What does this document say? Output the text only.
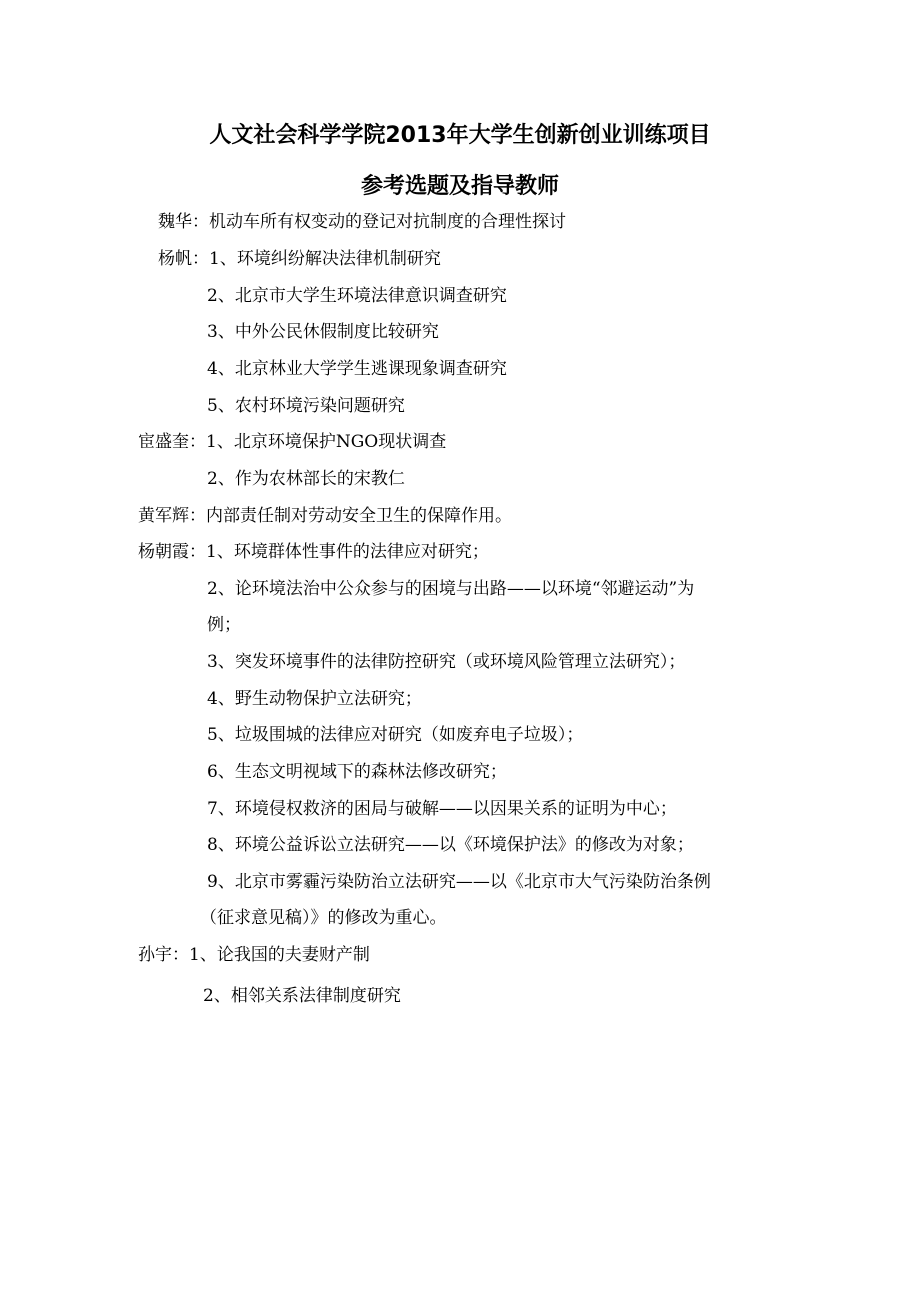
人文社会科学学院2013年大学生创新创业训练项目
参考选题及指导教师
魏华：机动车所有权变动的登记对抗制度的合理性探讨
杨帆：1、环境纠纷解决法律机制研究
2、北京市大学生环境法律意识调查研究
3、中外公民休假制度比较研究
4、北京林业大学学生逃课现象调查研究
5、农村环境污染问题研究
宦盛奎：1、北京环境保护NGO现状调查
2、作为农林部长的宋教仁
黄军辉：内部责任制对劳动安全卫生的保障作用。
杨朝霞：1、环境群体性事件的法律应对研究；
2、论环境法治中公众参与的困境与出路——以环境“邻避运动”为
例；
3、突发环境事件的法律防控研究（或环境风险管理立法研究）；
4、野生动物保护立法研究；
5、垃圾围城的法律应对研究（如废弃电子垃圾）；
6、生态文明视域下的森林法修改研究；
7、环境侵权救济的困局与破解——以因果关系的证明为中心；
8、环境公益诉讼立法研究——以《环境保护法》的修改为对象；
9、北京市雾霾污染防治立法研究——以《北京市大气污染防治条例
（征求意见稿）》的修改为重心。
孙宇：1、论我国的夫妻财产制
2、相邻关系法律制度研究
